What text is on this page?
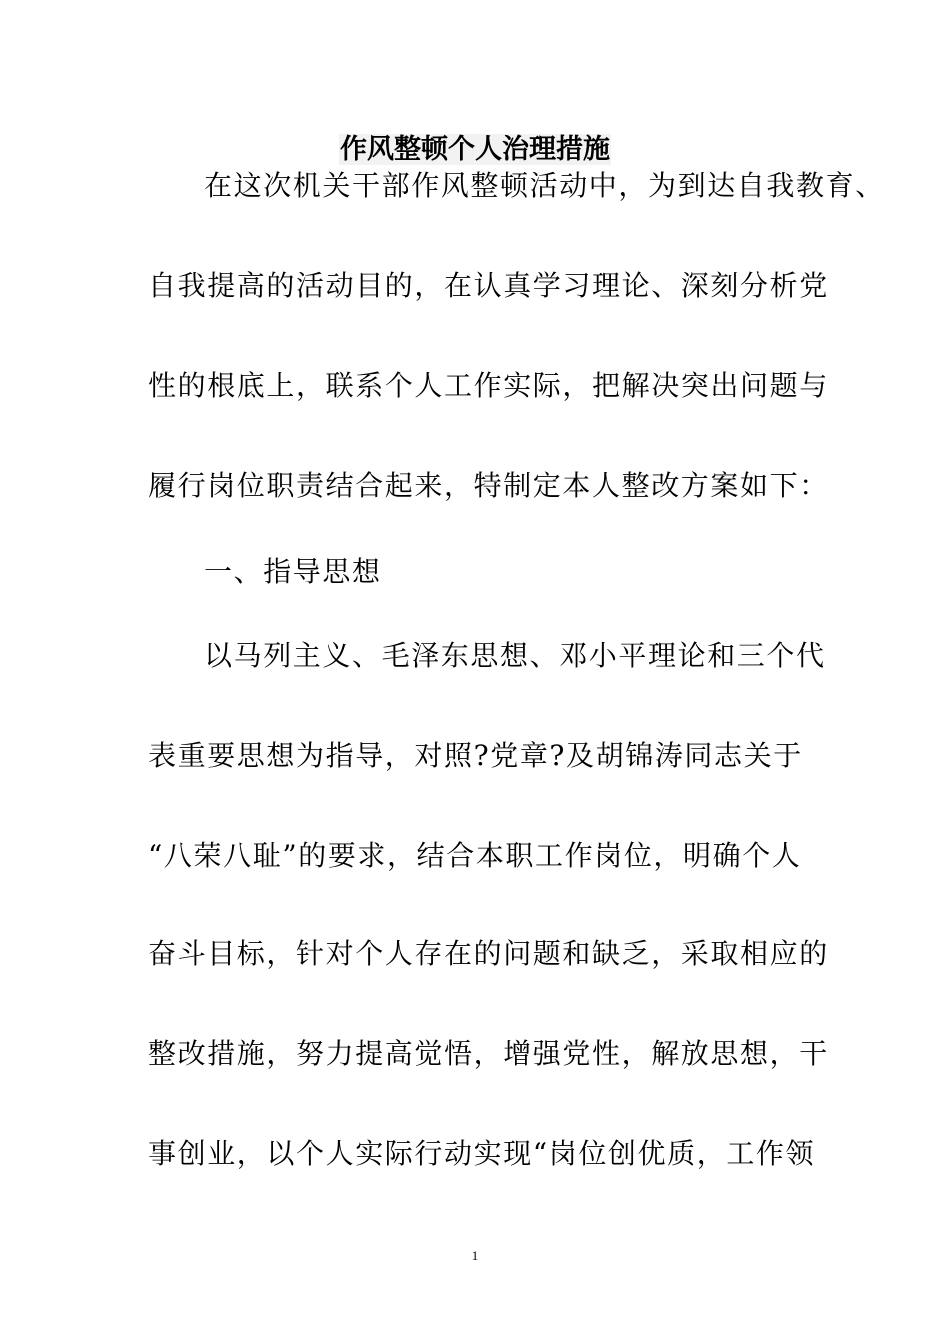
作风整顿个人治理措施
在这次机关干部作风整顿活动中，为到达自我教育、
自我提高的活动目的，在认真学习理论、深刻分析党
性的根底上，联系个人工作实际，把解决突出问题与
履行岗位职责结合起来，特制定本人整改方案如下：
一、指导思想
以马列主义、毛泽东思想、邓小平理论和三个代
表重要思想为指导，对照?党章?及胡锦涛同志关于
“八荣八耻”的要求，结合本职工作岗位，明确个人
奋斗目标，针对个人存在的问题和缺乏，采取相应的
整改措施，努力提高觉悟，增强党性，解放思想，干
事创业，以个人实际行动实现“岗位创优质，工作领
1
